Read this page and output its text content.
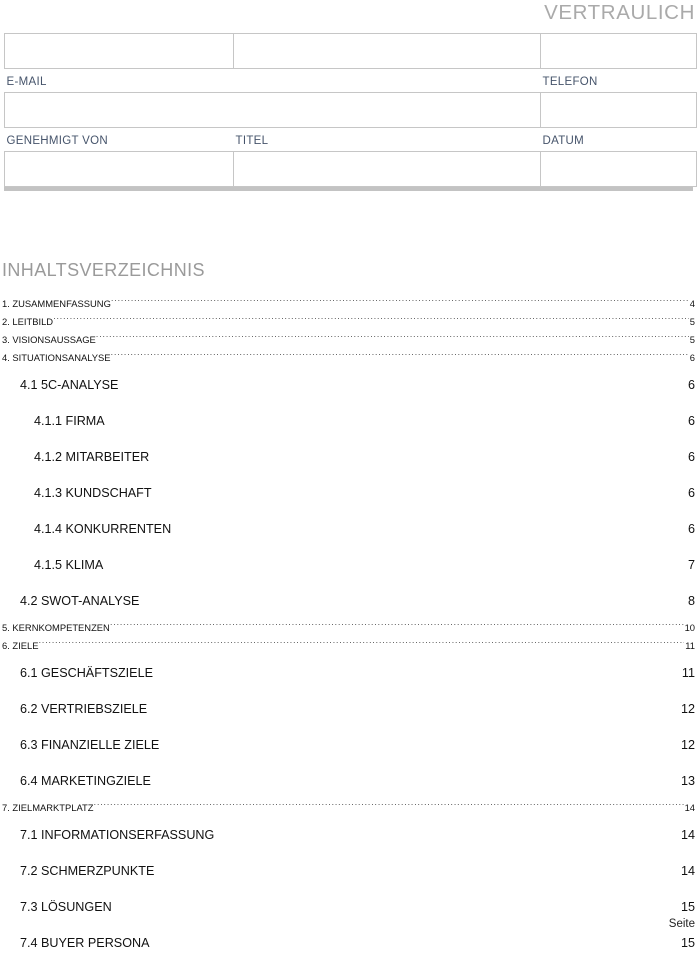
VERTRAULICH

E-MAIL		TELEFON

GENEHMIGT VON	TITEL	DATUM

INHALTSVERZEICHNIS
1. ZUSAMMENFASSUNG .....	4
2. LEITBILD .....	5
3. VISIONSAUSSAGE .....	5
4. SITUATIONSANALYSE .....	6
4.1 5C-ANALYSE .....	6
4.1.1 FIRMA .....	6
4.1.2 MITARBEITER .....	6
4.1.3 KUNDSCHAFT .....	6
4.1.4 KONKURRENTEN .....	6
4.1.5 KLIMA .....	7
4.2 SWOT-ANALYSE .....	8
5. KERNKOMPETENZEN .....	10
6. ZIELE .....	11
6.1 GESCHÄFTSZIELE .....	11
6.2 VERTRIEBSZIELE .....	12
6.3 FINANZIELLE ZIELE .....	12
6.4 MARKETINGZIELE .....	13
7. ZIELMARKTPLATZ .....	14
7.1 INFORMATIONSERFASSUNG .....	14
7.2 SCHMERZPUNKTE .....	14
7.3 LÖSUNGEN .....	15
7.4 BUYER PERSONA .....	15
Seite
